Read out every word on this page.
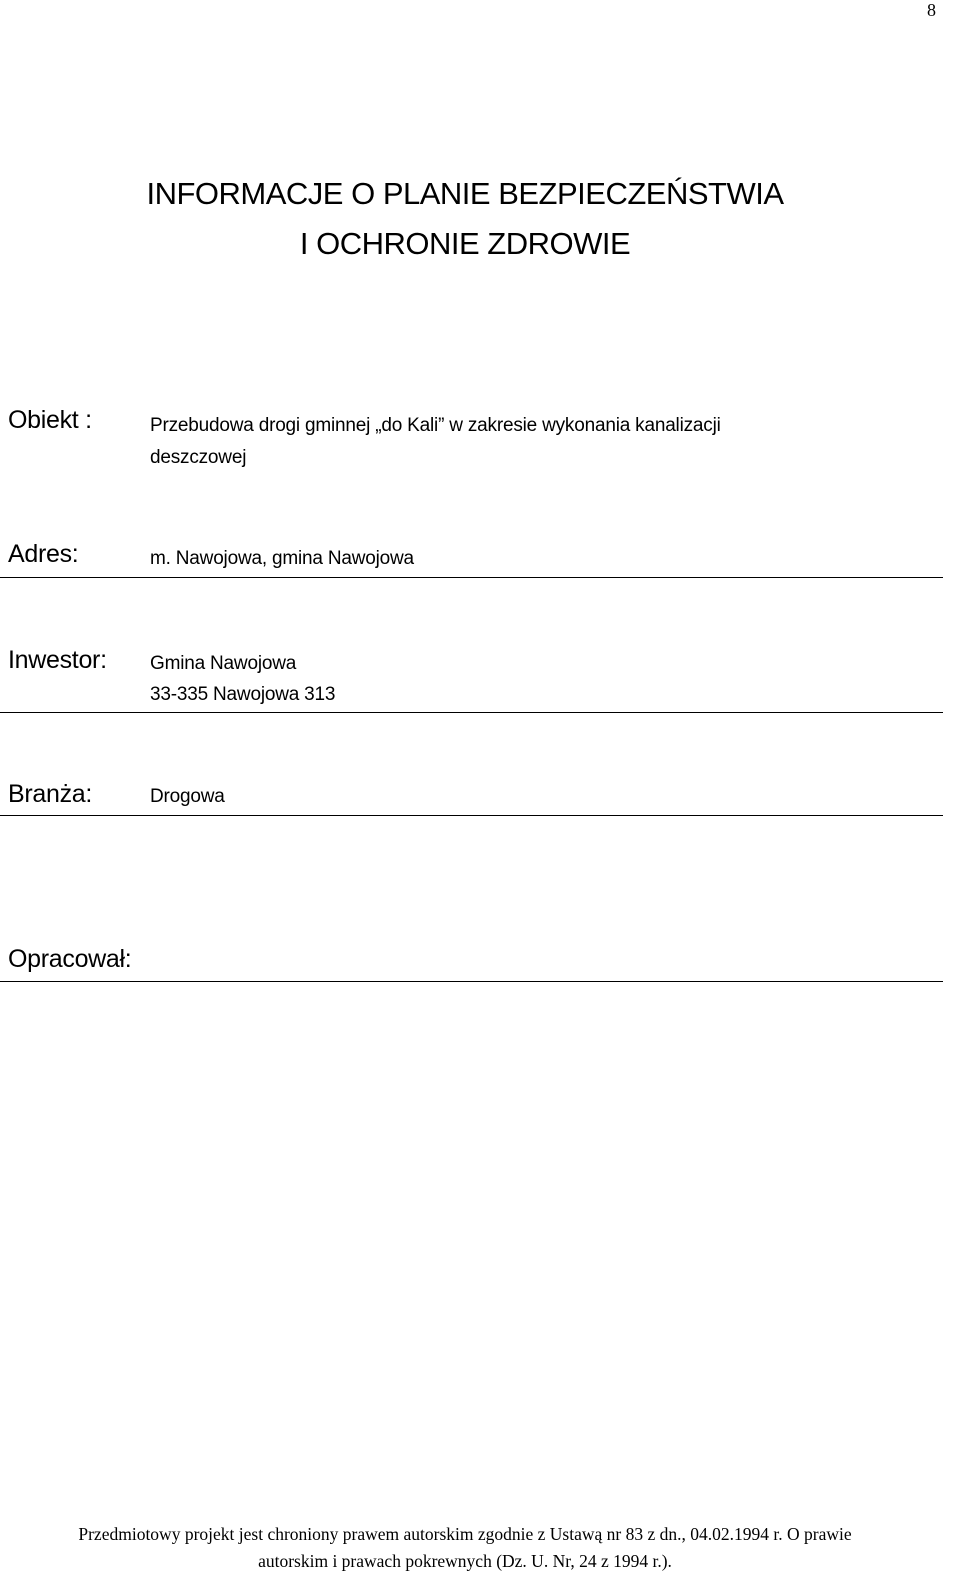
8
INFORMACJE O PLANIE BEZPIECZEŃSTWIA
I OCHRONIE ZDROWIE
Obiekt :	Przebudowa drogi gminnej „do Kali” w zakresie wykonania kanalizacji
deszczowej
Adres:	m. Nawojowa, gmina Nawojowa
Inwestor: Gmina Nawojowa
33-335 Nawojowa 313
Branża:	Drogowa
Opracował:
Przedmiotowy projekt jest chroniony prawem autorskim zgodnie z Ustawą nr 83 z dn., 04.02.1994 r. O prawie
autorskim i prawach pokrewnych (Dz. U. Nr, 24 z 1994 r.).
